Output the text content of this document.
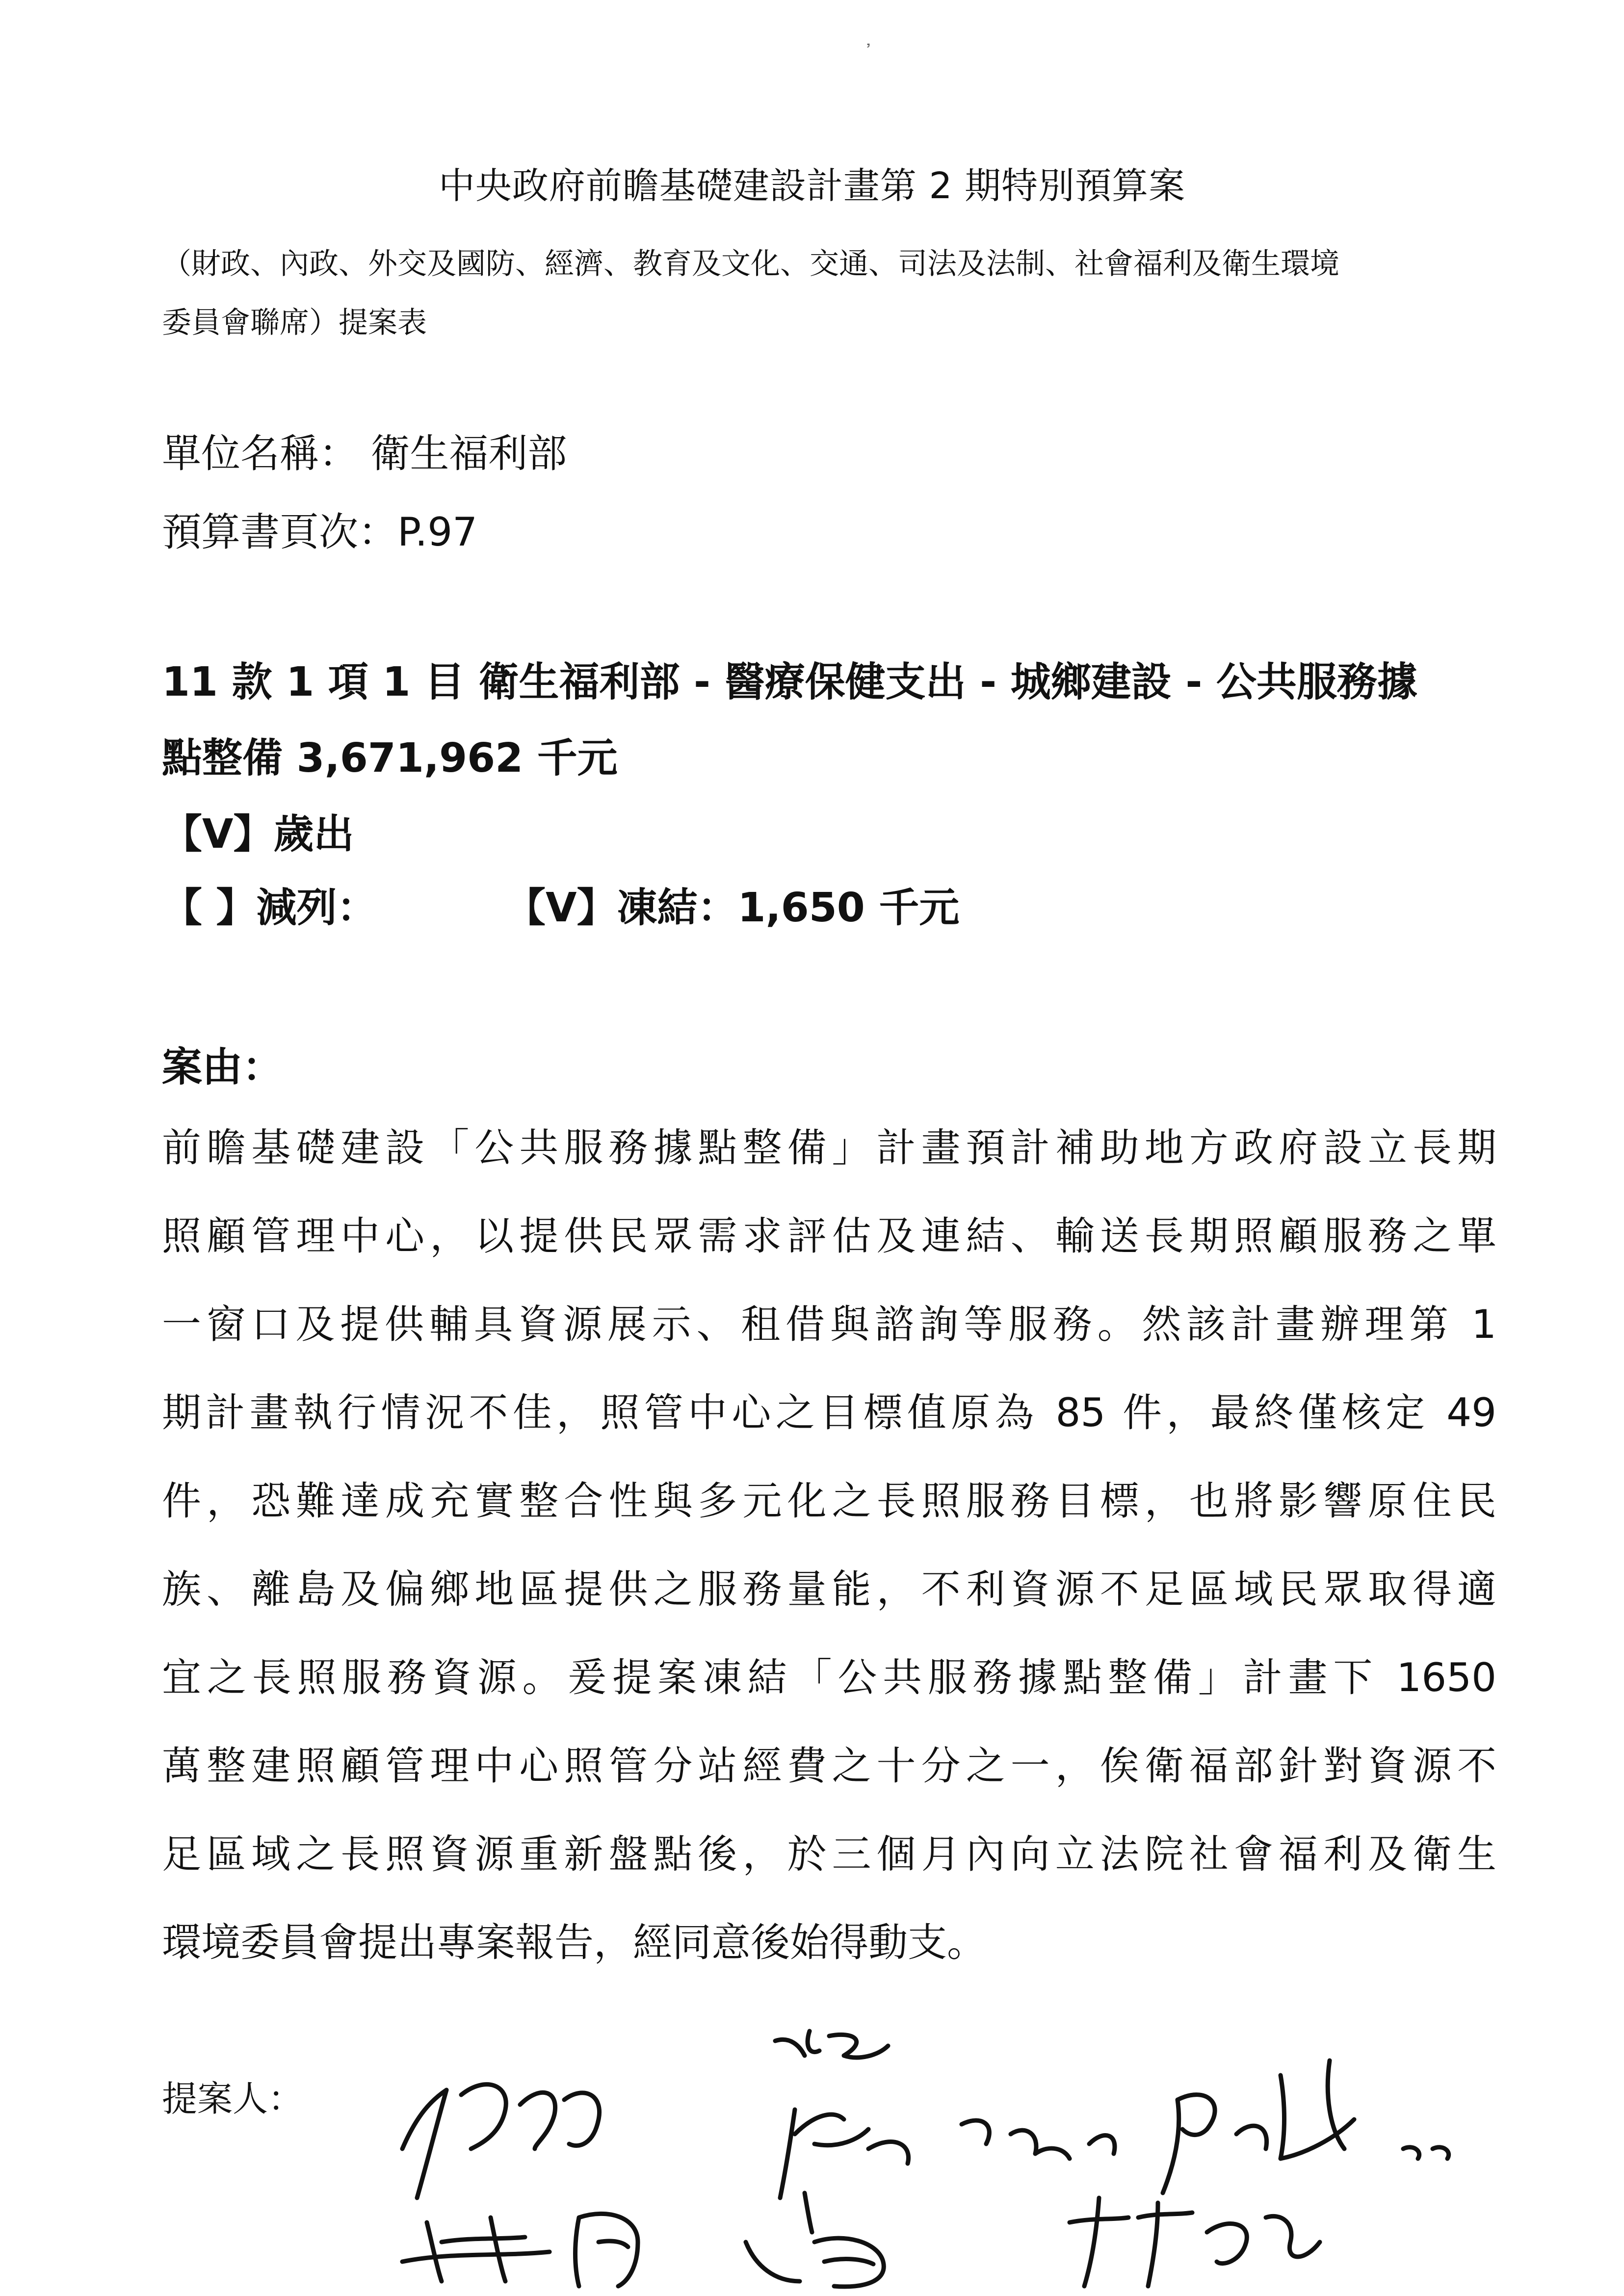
中央政府前瞻基礎建設計畫第 2 期特別預算案
（財政、內政、外交及國防、經濟、教育及文化、交通、司法及法制、社會福利及衛生環境
委員會聯席）提案表
單位名稱： 衛生福利部
預算書頁次：P.97
11 款 1 項 1 目 衛生福利部 - 醫療保健支出 - 城鄉建設 - 公共服務據
點整備 3,671,962 千元
【V】歲出
【 】減列：	【V】凍結：1,650 千元
案由：
前瞻基礎建設「公共服務據點整備」計畫預計補助地方政府設立長期
照顧管理中心，以提供民眾需求評估及連結、輸送長期照顧服務之單
一窗口及提供輔具資源展示、租借與諮詢等服務。然該計畫辦理第 1
期計畫執行情況不佳，照管中心之目標值原為 85 件，最終僅核定 49
件，恐難達成充實整合性與多元化之長照服務目標，也將影響原住民
族、離島及偏鄉地區提供之服務量能，不利資源不足區域民眾取得適
宜之長照服務資源。爰提案凍結「公共服務據點整備」計畫下 1650
萬整建照顧管理中心照管分站經費之十分之一，俟衛福部針對資源不
足區域之長照資源重新盤點後，於三個月內向立法院社會福利及衛生
環境委員會提出專案報告，經同意後始得動支。
提案人：
᾽
